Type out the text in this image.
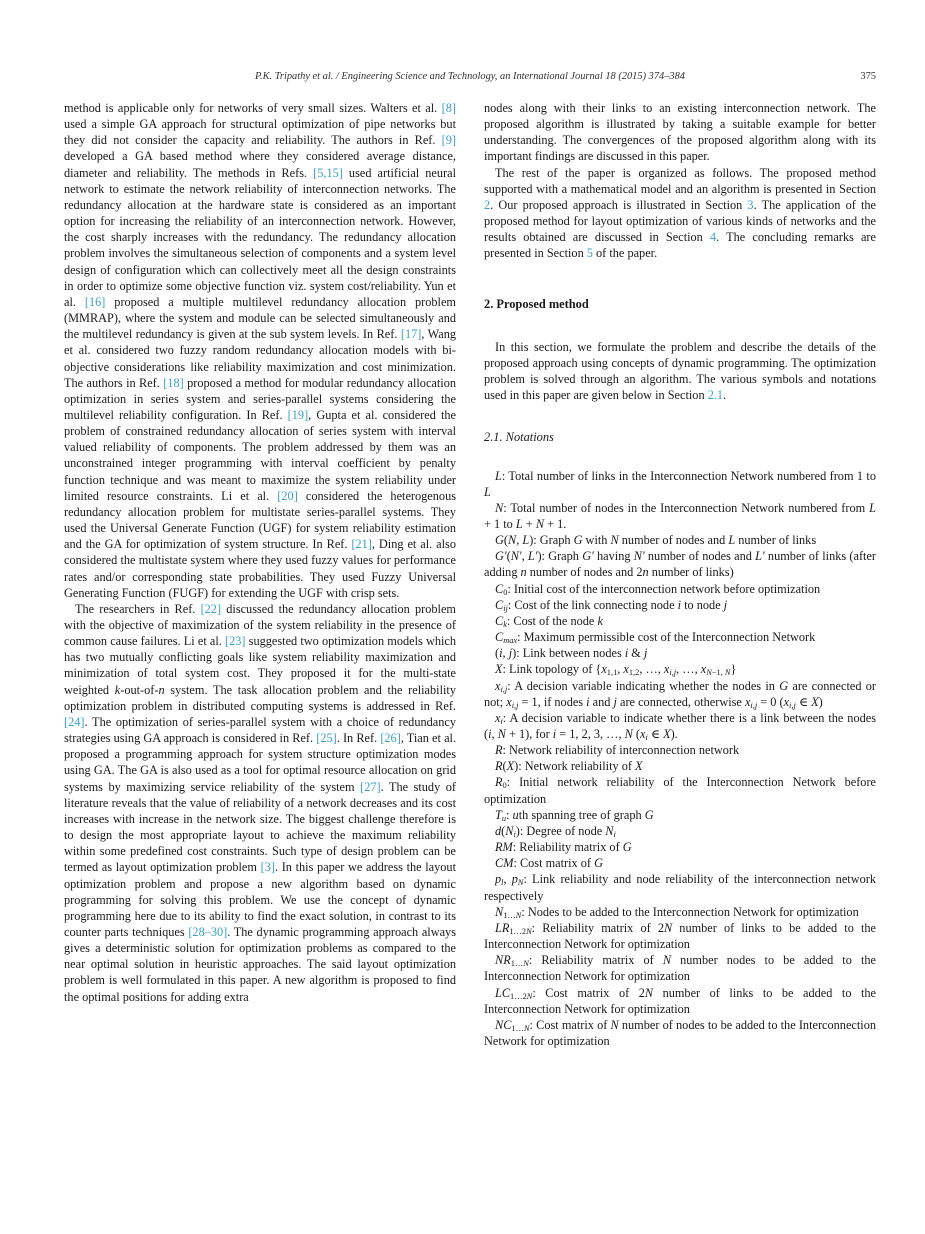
P.K. Tripathy et al. / Engineering Science and Technology, an International Journal 18 (2015) 374–384	375

method is applicable only for networks of very small sizes. Walters et al. [8] used a simple GA approach for structural optimization of pipe networks but they did not consider the capacity and reliability. The authors in Ref. [9] developed a GA based method where they considered average distance, diameter and reliability. The methods in Refs. [5,15] used artificial neural network to estimate the network reliability of interconnection networks. The redundancy allocation at the hardware state is considered as an important option for increasing the reliability of an interconnection network. However, the cost sharply increases with the redundancy. The redundancy allocation problem involves the simultaneous selection of components and a system level design of configuration which can collectively meet all the design constraints in order to optimize some objective function viz. system cost/reliability. Yun et al. [16] proposed a multiple multilevel redundancy allocation problem (MMRAP), where the system and module can be selected simultaneously and the multilevel redundancy is given at the sub system levels. In Ref. [17], Wang et al. considered two fuzzy random redundancy allocation models with bi-objective considerations like reliability maximization and cost minimization. The authors in Ref. [18] proposed a method for modular redundancy allocation optimization in series system and series-parallel systems considering the multilevel reliability configuration. In Ref. [19], Gupta et al. considered the problem of constrained redundancy allocation of series system with interval valued reliability of components. The problem addressed by them was an unconstrained integer programming with interval coefficient by penalty function technique and was meant to maximize the system reliability under limited resource constraints. Li et al. [20] considered the heterogenous redundancy allocation problem for multistate series-parallel systems. They used the Universal Generate Function (UGF) for system reliability estimation and the GA for optimization of system structure. In Ref. [21], Ding et al. also considered the multistate system where they used fuzzy values for performance rates and/or corresponding state probabilities. They used Fuzzy Universal Generating Function (FUGF) for extending the UGF with crisp sets.

The researchers in Ref. [22] discussed the redundancy allocation problem with the objective of maximization of the system reliability in the presence of common cause failures. Li et al. [23] suggested two optimization models which has two mutually conflicting goals like system reliability maximization and minimization of total system cost. They proposed it for the multi-state weighted k-out-of-n system. The task allocation problem and the reliability optimization problem in distributed computing systems is addressed in Ref. [24]. The optimization of series-parallel system with a choice of redundancy strategies using GA approach is considered in Ref. [25]. In Ref. [26], Tian et al. proposed a programming approach for system structure optimization modes using GA. The GA is also used as a tool for optimal resource allocation on grid systems by maximizing service reliability of the system [27]. The study of literature reveals that the value of reliability of a network decreases and its cost increases with increase in the network size. The biggest challenge therefore is to design the most appropriate layout to achieve the maximum reliability within some predefined cost constraints. Such type of design problem can be termed as layout optimization problem [3]. In this paper we address the layout optimization problem and propose a new algorithm based on dynamic programming for solving this problem. We use the concept of dynamic programming here due to its ability to find the exact solution, in contrast to its counter parts techniques [28–30]. The dynamic programming approach always gives a deterministic solution for optimization problems as compared to the near optimal solution in heuristic approaches. The said layout optimization problem is well formulated in this paper. A new algorithm is proposed to find the optimal positions for adding extra

nodes along with their links to an existing interconnection network. The proposed algorithm is illustrated by taking a suitable example for better understanding. The convergences of the proposed algorithm along with its important findings are discussed in this paper.

The rest of the paper is organized as follows. The proposed method supported with a mathematical model and an algorithm is presented in Section 2. Our proposed approach is illustrated in Section 3. The application of the proposed method for layout optimization of various kinds of networks and the results obtained are discussed in Section 4. The concluding remarks are presented in Section 5 of the paper.

2. Proposed method

In this section, we formulate the problem and describe the details of the proposed approach using concepts of dynamic programming. The optimization problem is solved through an algorithm. The various symbols and notations used in this paper are given below in Section 2.1.

2.1. Notations
L: Total number of links in the Interconnection Network numbered from 1 to L
N: Total number of nodes in the Interconnection Network numbered from L + 1 to L + N + 1.
G(N, L): Graph G with N number of nodes and L number of links
G′(N′, L′): Graph G′ having N′ number of nodes and L′ number of links (after adding n number of nodes and 2n number of links)
$C_0$: Initial cost of the interconnection network before optimization
$C_{ij}$: Cost of the link connecting node i to node j
$C_k$: Cost of the node k
$C_{max}$: Maximum permissible cost of the Interconnection Network
(i, j): Link between nodes i & j
X: Link topology of {$x_{1,1}$, $x_{1,2}$, …, $x_{i,j}$, …, $x_{N-1, N}$}
$x_{i,j}$: A decision variable indicating whether the nodes in G are connected or not; $x_{i,j} = 1$, if nodes i and j are connected, otherwise $x_{i,j} = 0$ ($x_{i,j}$ ∈ X)
$x_i$: A decision variable to indicate whether there is a link between the nodes (i, N + 1), for i = 1, 2, 3, …, N ($x_i$ ∈ X).
R: Network reliability of interconnection network
R(X): Network reliability of X
$R_0$: Initial network reliability of the Interconnection Network before optimization
$T_u$: uth spanning tree of graph G
$d(N_i)$: Degree of node $N_i$
RM: Reliability matrix of G
CM: Cost matrix of G
$p_l$, $p_N$: Link reliability and node reliability of the interconnection network respectively
$N_{1\dots N}$: Nodes to be added to the Interconnection Network for optimization
$LR_{1\dots 2N}$: Reliability matrix of 2N number of links to be added to the Interconnection Network for optimization
$NR_{1\dots N}$: Reliability matrix of N number nodes to be added to the Interconnection Network for optimization
$LC_{1\dots 2N}$: Cost matrix of 2N number of links to be added to the Interconnection Network for optimization
$NC_{1\dots N}$: Cost matrix of N number of nodes to be added to the Interconnection Network for optimization
